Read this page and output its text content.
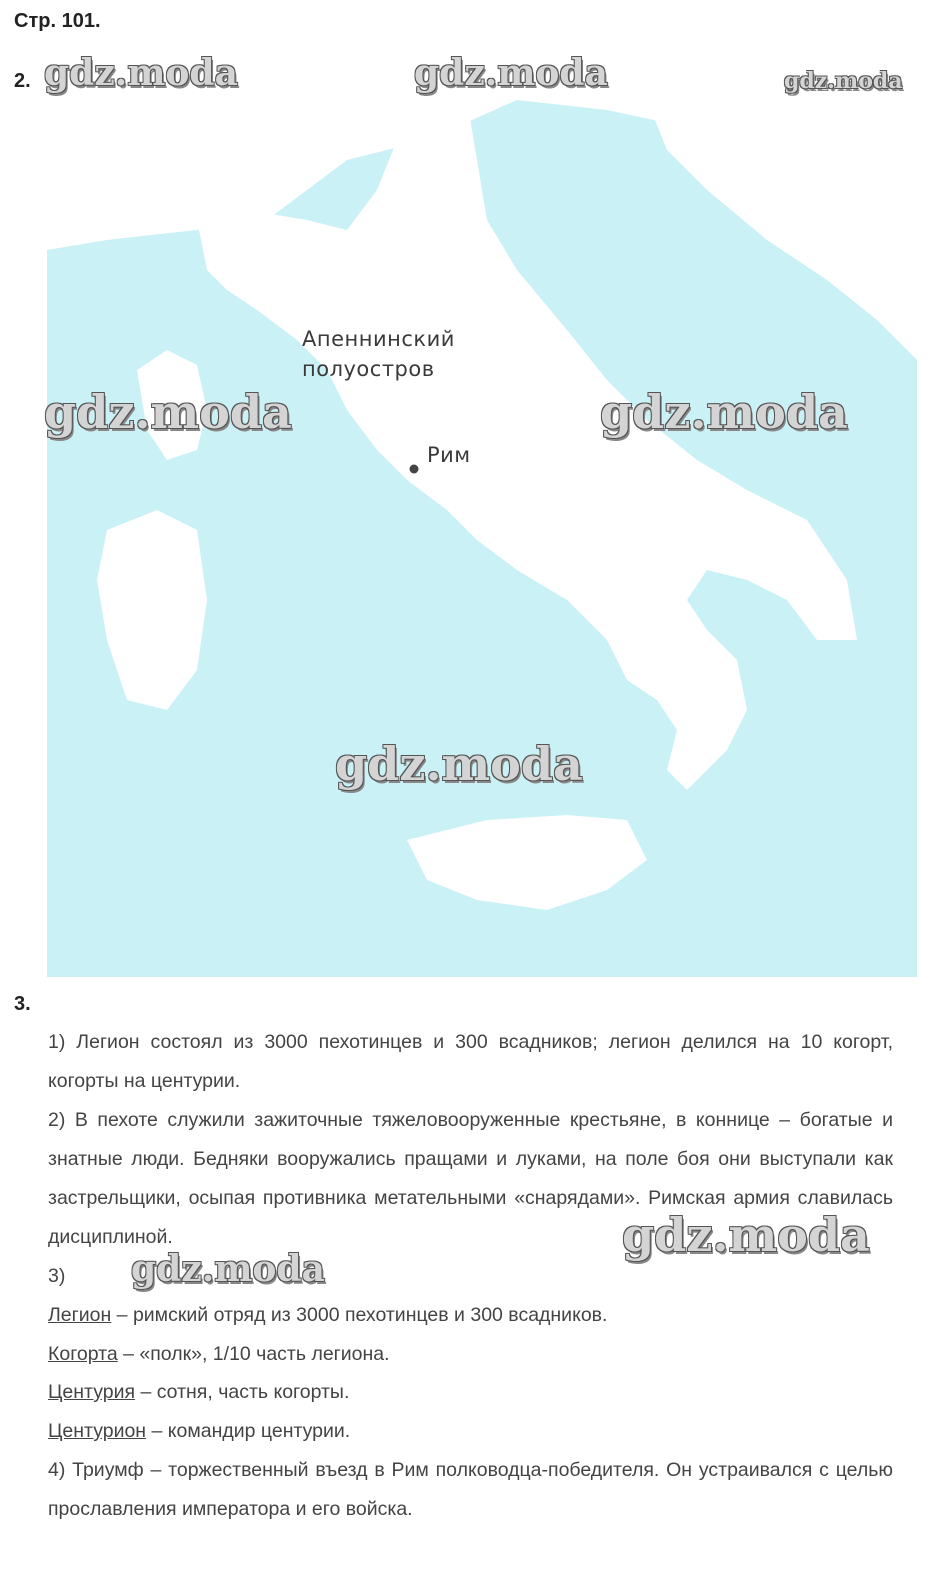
Стр. 101.
2.
Апеннинский
полуостров
Рим
3.
1) Легион состоял из 3000 пехотинцев и 300 всадников; легион делился на 10 когорт, когорты на центурии.
2) В пехоте служили зажиточные тяжеловооруженные крестьяне, в коннице – богатые и знатные люди. Бедняки вооружались пращами и луками, на поле боя они выступали как застрельщики, осыпая противника метательными «снарядами». Римская армия славилась дисциплиной.
3)
Легион – римский отряд из 3000 пехотинцев и 300 всадников.
Когорта – «полк», 1/10 часть легиона.
Центурия – сотня, часть когорты.
Центурион – командир центурии.
4) Триумф – торжественный въезд в Рим полководца-победителя. Он устраивался с целью прославления императора и его войска.
gdz.moda	gdz.moda	gdz.moda
gdz.moda	gdz.moda
gdz.moda
gdz.moda
gdz.moda
